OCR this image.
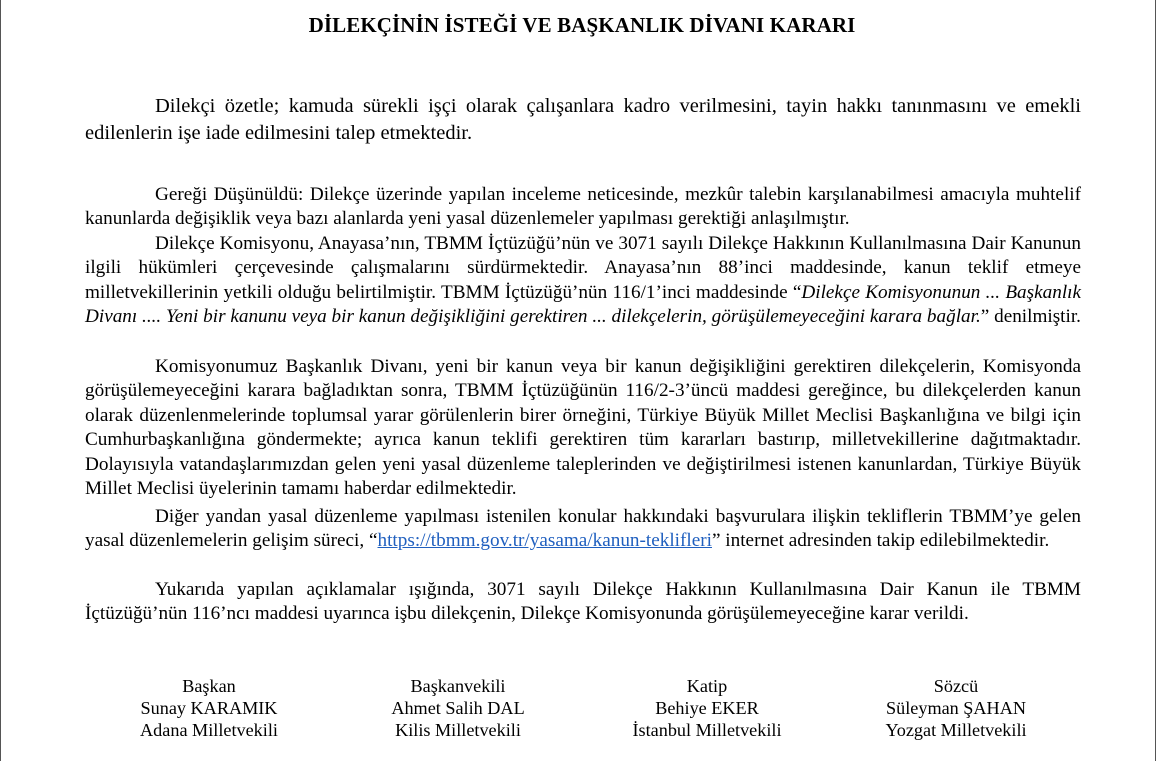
DİLEKÇİNİN İSTEĞİ VE BAŞKANLIK DİVANI KARARI
Dilekçi özetle; kamuda sürekli işçi olarak çalışanlara kadro verilmesini, tayin hakkı tanınmasını ve emekli edilenlerin işe iade edilmesini talep etmektedir.
Gereği Düşünüldü: Dilekçe üzerinde yapılan inceleme neticesinde, mezkûr talebin karşılanabilmesi amacıyla muhtelif kanunlarda değişiklik veya bazı alanlarda yeni yasal düzenlemeler yapılması gerektiği anlaşılmıştır.
Dilekçe Komisyonu, Anayasa’nın, TBMM İçtüzüğü’nün ve 3071 sayılı Dilekçe Hakkının Kullanılmasına Dair Kanunun ilgili hükümleri çerçevesinde çalışmalarını sürdürmektedir. Anayasa’nın 88’inci maddesinde, kanun teklif etmeye milletvekillerinin yetkili olduğu belirtilmiştir. TBMM İçtüzüğü’nün 116/1’inci maddesinde “Dilekçe Komisyonunun ... Başkanlık Divanı .... Yeni bir kanunu veya bir kanun değişikliğini gerektiren ... dilekçelerin, görüşülemeyeceğini karara bağlar.” denilmiştir.
Komisyonumuz Başkanlık Divanı, yeni bir kanun veya bir kanun değişikliğini gerektiren dilekçelerin, Komisyonda görüşülemeyeceğini karara bağladıktan sonra, TBMM İçtüzüğünün 116/2-3’üncü maddesi gereğince, bu dilekçelerden kanun olarak düzenlenmelerinde toplumsal yarar görülenlerin birer örneğini, Türkiye Büyük Millet Meclisi Başkanlığına ve bilgi için Cumhurbaşkanlığına göndermekte; ayrıca kanun teklifi gerektiren tüm kararları bastırıp, milletvekillerine dağıtmaktadır. Dolayısıyla vatandaşlarımızdan gelen yeni yasal düzenleme taleplerinden ve değiştirilmesi istenen kanunlardan, Türkiye Büyük Millet Meclisi üyelerinin tamamı haberdar edilmektedir.
Diğer yandan yasal düzenleme yapılması istenilen konular hakkındaki başvurulara ilişkin tekliflerin TBMM’ye gelen yasal düzenlemelerin gelişim süreci, “https://tbmm.gov.tr/yasama/kanun-teklifleri” internet adresinden takip edilebilmektedir.
Yukarıda yapılan açıklamalar ışığında, 3071 sayılı Dilekçe Hakkının Kullanılmasına Dair Kanun ile TBMM İçtüzüğü’nün 116’ncı maddesi uyarınca işbu dilekçenin, Dilekçe Komisyonunda görüşülemeyeceğine karar verildi.
Başkan
Sunay KARAMIK
Adana Milletvekili
Başkanvekili
Ahmet Salih DAL
Kilis Milletvekili
Katip
Behiye EKER
İstanbul Milletvekili
Sözcü
Süleyman ŞAHAN
Yozgat Milletvekili
